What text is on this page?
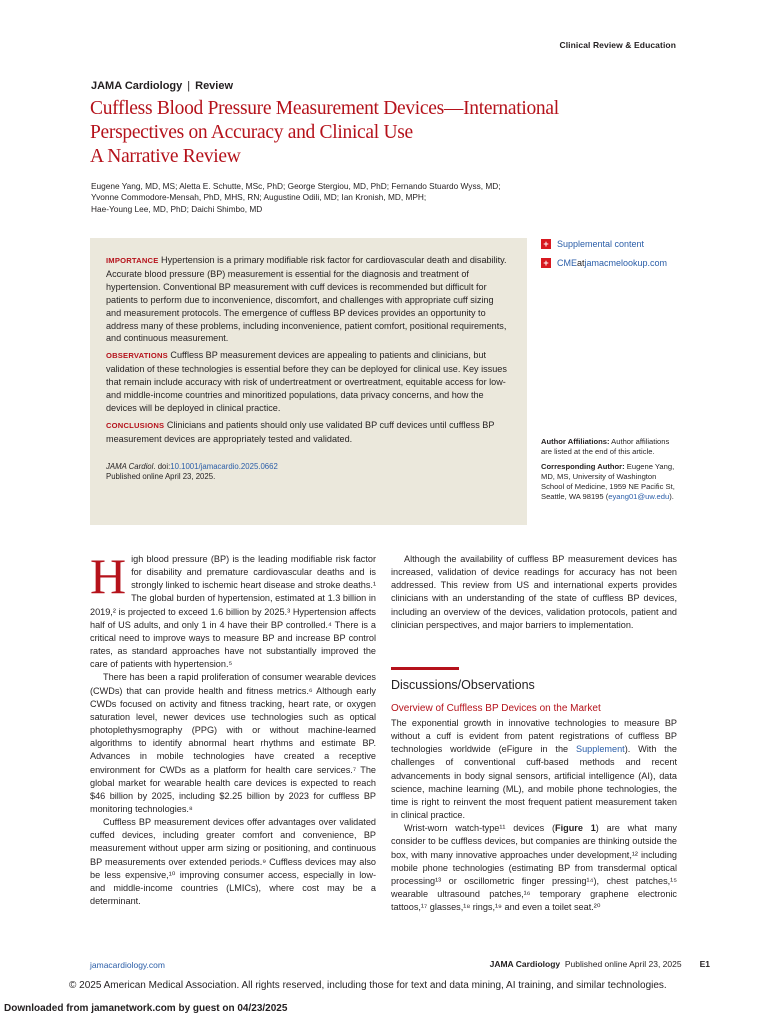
Clinical Review & Education
JAMA Cardiology | Review
Cuffless Blood Pressure Measurement Devices—International
Perspectives on Accuracy and Clinical Use
A Narrative Review
Eugene Yang, MD, MS; Aletta E. Schutte, MSc, PhD; George Stergiou, MD, PhD; Fernando Stuardo Wyss, MD;
Yvonne Commodore-Mensah, PhD, MHS, RN; Augustine Odili, MD; Ian Kronish, MD, MPH;
Hae-Young Lee, MD, PhD; Daichi Shimbo, MD

IMPORTANCE Hypertension is a primary modifiable risk factor for cardiovascular death and disability. Accurate blood pressure (BP) measurement is essential for the diagnosis and treatment of hypertension. Conventional BP measurement with cuff devices is recommended but difficult for patients to perform due to inconvenience, discomfort, and challenges with appropriate cuff sizing and measurement protocols. The emergence of cuffless BP devices provides an opportunity to address many of these problems, including inconvenience, patient comfort, positional requirements, and continuous measurement.

OBSERVATIONS Cuffless BP measurement devices are appealing to patients and clinicians, but validation of these technologies is essential before they can be deployed for clinical use. Key issues that remain include accuracy with risk of undertreatment or overtreatment, equitable access for low- and middle-income countries and minoritized populations, data privacy concerns, and how the devices will be deployed in clinical practice.

CONCLUSIONS Clinicians and patients should only use validated BP cuff devices until cuffless BP measurement devices are appropriately tested and validated.

JAMA Cardiol. doi:10.1001/jamacardio.2025.0662
Published online April 23, 2025.
+ Supplemental content
+ CME at jamacmelookup.com

Author Affiliations: Author affiliations are listed at the end of this article.

Corresponding Author: Eugene Yang, MD, MS, University of Washington School of Medicine, 1959 NE Pacific St, Seattle, WA 98195 (eyang01@uw.edu).

High blood pressure (BP) is the leading modifiable risk factor for disability and premature cardiovascular deaths and is strongly linked to ischemic heart disease and stroke deaths.¹ The global burden of hypertension, estimated at 1.3 billion in 2019,² is projected to exceed 1.6 billion by 2025.³ Hypertension affects half of US adults, and only 1 in 4 have their BP controlled.⁴ There is a critical need to improve ways to measure BP and increase BP control rates, as standard approaches have not substantially improved the care of patients with hypertension.⁵

There has been a rapid proliferation of consumer wearable devices (CWDs) that can provide health and fitness metrics.⁶ Although early CWDs focused on activity and fitness tracking, heart rate, or oxygen saturation level, newer devices use technologies such as optical photoplethysmography (PPG) with or without machine-learned algorithms to identify abnormal heart rhythms and estimate BP. Advances in mobile technologies have created a receptive environment for CWDs as a platform for health care services.⁷ The global market for wearable health care devices is expected to reach $46 billion by 2025, including $2.25 billion by 2023 for cuffless BP monitoring technologies.⁸

Cuffless BP measurement devices offer advantages over validated cuffed devices, including greater comfort and convenience, BP measurement without upper arm sizing or positioning, and continuous BP measurements over extended periods.⁹ Cuffless devices may also be less expensive,¹⁰ improving consumer access, especially in low- and middle-income countries (LMICs), where cost may be a determinant.

Although the availability of cuffless BP measurement devices has increased, validation of device readings for accuracy has not been addressed. This review from US and international experts provides clinicians with an understanding of the state of cuffless BP devices, including an overview of the devices, validation protocols, patient and clinician perspectives, and major barriers to implementation.

Discussions/Observations
Overview of Cuffless BP Devices on the Market

The exponential growth in innovative technologies to measure BP without a cuff is evident from patent registrations of cuffless BP technologies worldwide (eFigure in the Supplement). With the challenges of conventional cuff-based methods and recent advancements in body signal sensors, artificial intelligence (AI), data science, machine learning (ML), and mobile phone technologies, the time is right to reinvent the most frequent patient measurement taken in clinical practice.

Wrist-worn watch-type¹¹ devices (Figure 1) are what many consider to be cuffless devices, but companies are thinking outside the box, with many innovative approaches under development,¹² including mobile phone technologies (estimating BP from transdermal optical processing¹³ or oscillometric finger pressing¹⁴), chest patches,¹⁵ wearable ultrasound patches,¹⁶ temporary graphene electronic tattoos,¹⁷ glasses,¹⁸ rings,¹⁹ and even a toilet seat.²⁰

jamacardiology.com	JAMA Cardiology Published online April 23, 2025 E1
© 2025 American Medical Association. All rights reserved, including those for text and data mining, AI training, and similar technologies.
Downloaded from jamanetwork.com by guest on 04/23/2025
